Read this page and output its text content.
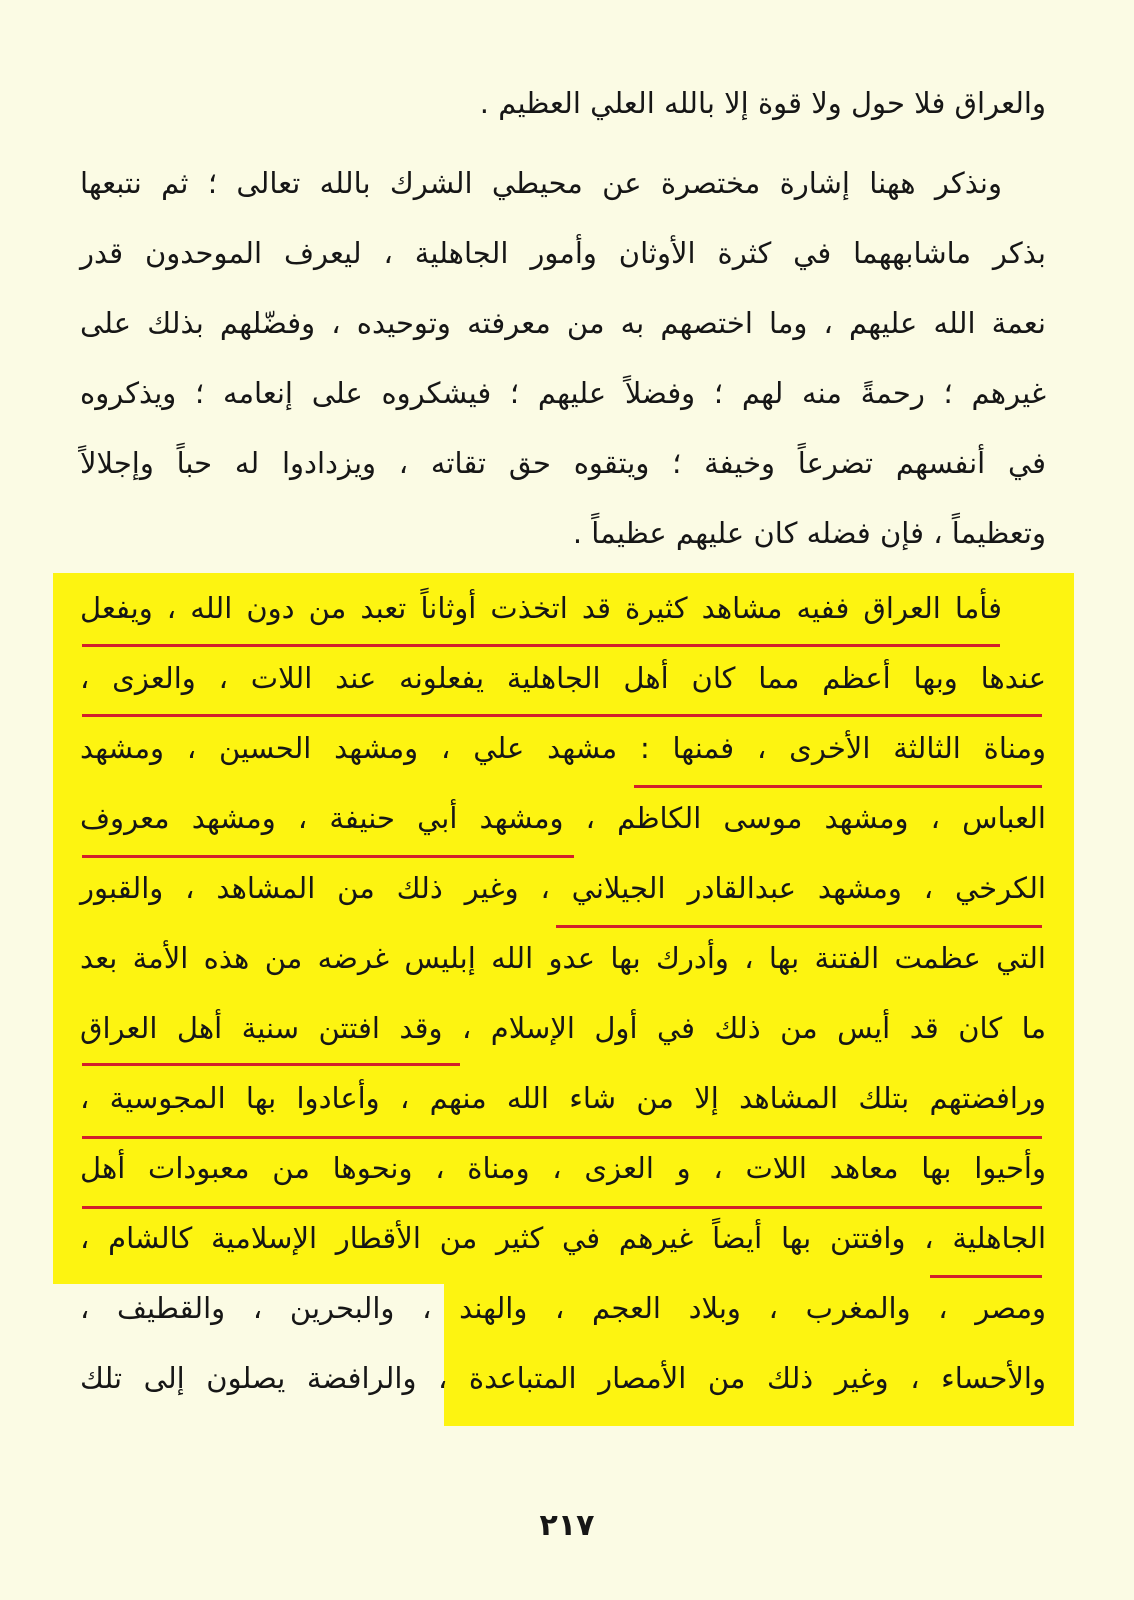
والعراق فلا حول ولا قوة إلا بالله العلي العظيم .
ونذكر ههنا إشارة مختصرة عن محيطي الشرك بالله تعالى ؛ ثم نتبعها
بذكر ماشابههما في كثرة الأوثان وأمور الجاهلية ، ليعرف الموحدون قدر
نعمة الله عليهم ، وما اختصهم به من معرفته وتوحيده ، وفضّلهم بذلك على
غيرهم ؛ رحمةً منه لهم ؛ وفضلاً عليهم ؛ فيشكروه على إنعامه ؛ ويذكروه
في أنفسهم تضرعاً وخيفة ؛ ويتقوه حق تقاته ، ويزدادوا له حباً وإجلالاً
وتعظيماً ، فإن فضله كان عليهم عظيماً .
فأما العراق ففيه مشاهد كثيرة قد اتخذت أوثاناً تعبد من دون الله ، ويفعل
عندها وبها أعظم مما كان أهل الجاهلية يفعلونه عند اللات ، والعزى ،
ومناة الثالثة الأخرى ، فمنها : مشهد علي ، ومشهد الحسين ، ومشهد
العباس ، ومشهد موسى الكاظم ، ومشهد أبي حنيفة ، ومشهد معروف
الكرخي ، ومشهد عبدالقادر الجيلاني ، وغير ذلك من المشاهد ، والقبور
التي عظمت الفتنة بها ، وأدرك بها عدو الله إبليس غرضه من هذه الأمة بعد
ما كان قد أيس من ذلك في أول الإسلام ، وقد افتتن سنية أهل العراق
ورافضتهم بتلك المشاهد إلا من شاء الله منهم ، وأعادوا بها المجوسية ،
وأحيوا بها معاهد اللات ، و العزى ، ومناة ، ونحوها من معبودات أهل
الجاهلية ، وافتتن بها أيضاً غيرهم في كثير من الأقطار الإسلامية كالشام ،
ومصر ، والمغرب ، وبلاد العجم ، والهند ، والبحرين ، والقطيف ،
والأحساء ، وغير ذلك من الأمصار المتباعدة ، والرافضة يصلون إلى تلك
٢١٧
